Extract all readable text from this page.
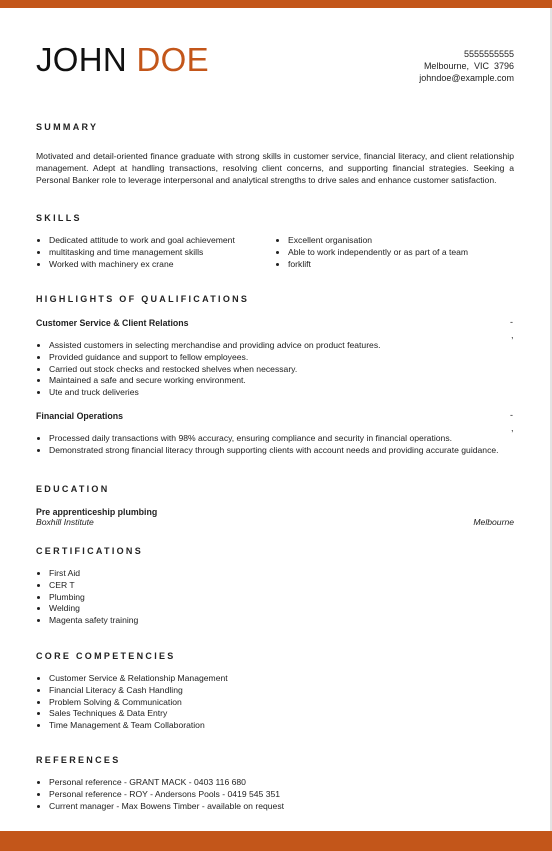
JOHN DOE	5555555555
Melbourne,  VIC  3796
johndoe@example.com
SUMMARY

Motivated and detail-oriented finance graduate with strong skills in customer service, financial literacy, and client relationship management. Adept at handling transactions, resolving client concerns, and supporting financial strategies. Seeking a Personal Banker role to leverage interpersonal and analytical strengths to drive sales and enhance customer satisfaction.

SKILLS
• Dedicated attitude to work and goal achievement
• multitasking and time management skills
• Worked with machinery ex crane
• Excellent organisation
• Able to work independently or as part of a team
• forklift
HIGHLIGHTS OF QUALIFICATIONS
Customer Service & Client Relations	-
,
• Assisted customers in selecting merchandise and providing advice on product features.
• Provided guidance and support to fellow employees.
• Carried out stock checks and restocked shelves when necessary.
• Maintained a safe and secure working environment.
• Ute and truck deliveries
Financial Operations	-
,
• Processed daily transactions with 98% accuracy, ensuring compliance and security in financial operations.
• Demonstrated strong financial literacy through supporting clients with account needs and providing accurate guidance.
EDUCATION
Pre apprenticeship plumbing
Boxhill Institute	Melbourne
CERTIFICATIONS
• First Aid
• CER T
• Plumbing
• Welding
• Magenta safety training
CORE COMPETENCIES
• Customer Service & Relationship Management
• Financial Literacy & Cash Handling
• Problem Solving & Communication
• Sales Techniques & Data Entry
• Time Management & Team Collaboration
REFERENCES
• Personal reference - GRANT MACK - 0403 116 680
• Personal reference - ROY - Andersons Pools - 0419 545 351
• Current manager - Max Bowens Timber - available on request
